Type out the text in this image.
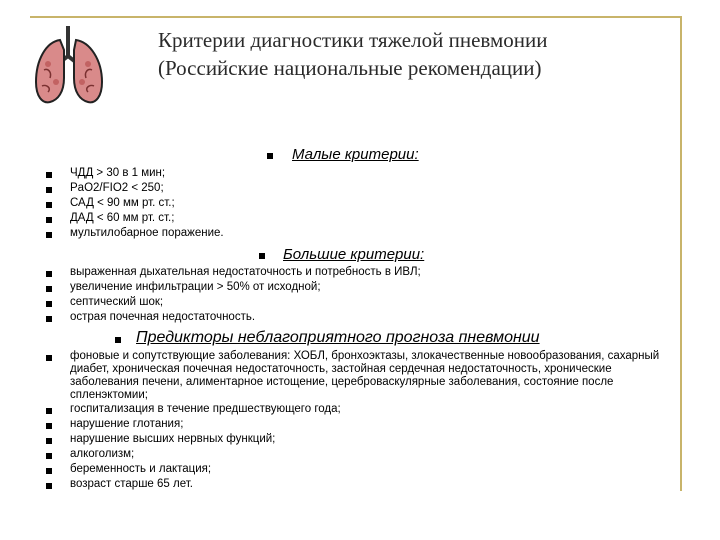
Критерии диагностики тяжелой пневмонии
(Российские национальные рекомендации)
Малые критерии:
ЧДД > 30 в 1 мин;
PaO2/FIO2 < 250;
САД < 90 мм рт. ст.;
ДАД < 60 мм рт. ст.;
мультилобарное поражение.
Большие критерии:
выраженная дыхательная недостаточность и потребность в ИВЛ;
увеличение инфильтрации > 50% от исходной;
септический шок;
острая почечная недостаточность.
Предикторы неблагоприятного прогноза пневмонии
фоновые и сопутствующие заболевания: ХОБЛ, бронхоэктазы, злокачественные новообразования, сахарный диабет, хроническая почечная недостаточность, застойная сердечная недостаточность, хронические заболевания печени, алиментарное истощение, цереброваскулярные заболевания, состояние после спленэктомии;
госпитализация в течение предшествующего года;
нарушение глотания;
нарушение высших нервных функций;
алкоголизм;
беременность и лактация;
возраст старше 65 лет.
